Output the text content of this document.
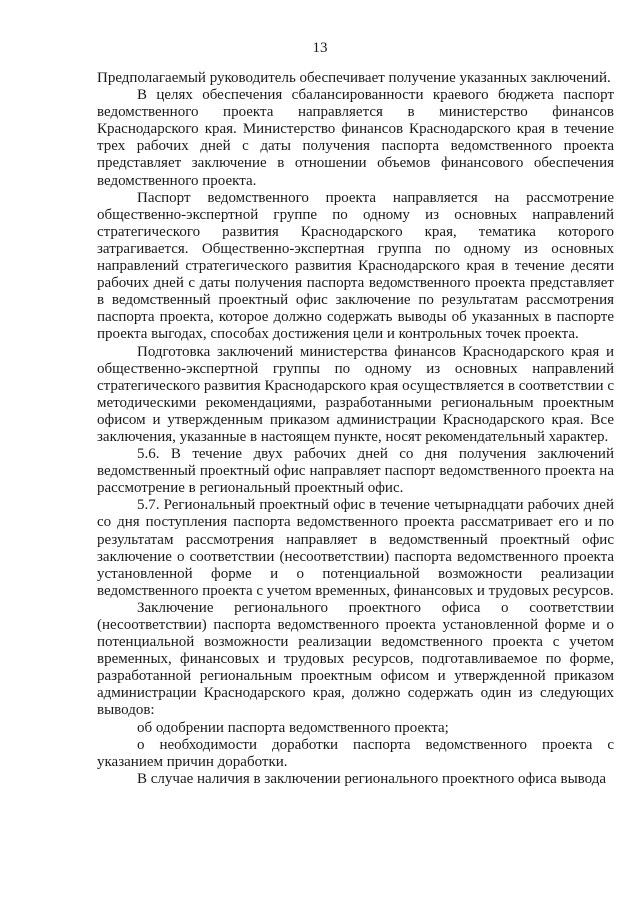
13

Предполагаемый руководитель обеспечивает получение указанных заключений.

В целях обеспечения сбалансированности краевого бюджета паспорт ведомственного проекта направляется в министерство финансов Краснодарского края. Министерство финансов Краснодарского края в течение трех рабочих дней с даты получения паспорта ведомственного проекта представляет заключение в отношении объемов финансового обеспечения ведомственного проекта.

Паспорт ведомственного проекта направляется на рассмотрение общественно-экспертной группе по одному из основных направлений стратегического развития Краснодарского края, тематика которого затрагивается. Общественно-экспертная группа по одному из основных направлений стратегического развития Краснодарского края в течение десяти рабочих дней с даты получения паспорта ведомственного проекта представляет в ведомственный проектный офис заключение по результатам рассмотрения паспорта проекта, которое должно содержать выводы об указанных в паспорте проекта выгодах, способах достижения цели и контрольных точек проекта.

Подготовка заключений министерства финансов Краснодарского края и общественно-экспертной группы по одному из основных направлений стратегического развития Краснодарского края осуществляется в соответствии с методическими рекомендациями, разработанными региональным проектным офисом и утвержденным приказом администрации Краснодарского края. Все заключения, указанные в настоящем пункте, носят рекомендательный характер.

5.6. В течение двух рабочих дней со дня получения заключений ведомственный проектный офис направляет паспорт ведомственного проекта на рассмотрение в региональный проектный офис.

5.7. Региональный проектный офис в течение четырнадцати рабочих дней со дня поступления паспорта ведомственного проекта рассматривает его и по результатам рассмотрения направляет в ведомственный проектный офис заключение о соответствии (несоответствии) паспорта ведомственного проекта установленной форме и о потенциальной возможности реализации ведомственного проекта с учетом временных, финансовых и трудовых ресурсов.

Заключение регионального проектного офиса о соответствии (несоответствии) паспорта ведомственного проекта установленной форме и о потенциальной возможности реализации ведомственного проекта с учетом временных, финансовых и трудовых ресурсов, подготавливаемое по форме, разработанной региональным проектным офисом и утвержденной приказом администрации Краснодарского края, должно содержать один из следующих выводов:

об одобрении паспорта ведомственного проекта;

о необходимости доработки паспорта ведомственного проекта с указанием причин доработки.

В случае наличия в заключении регионального проектного офиса вывода
